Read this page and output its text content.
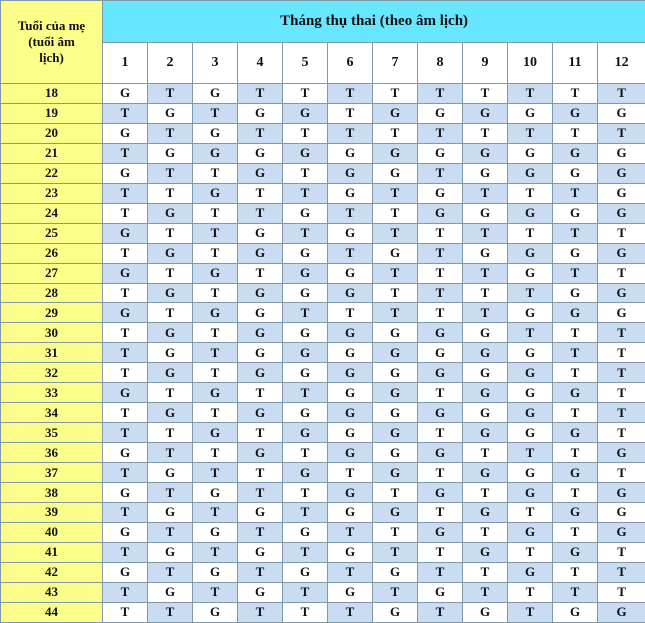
Tuổi của mẹ
(tuổi âm
lịch)	Tháng thụ thai (theo âm lịch)											
	1	2	3	4	5	6	7	8	9	10	11	12
18	G	T	G	T	T	T	T	T	T	T	T	T
19	T	G	T	G	G	T	G	G	G	G	G	G
20	G	T	G	T	T	T	T	T	T	T	T	T
21	T	G	G	G	G	G	G	G	G	G	G	G
22	G	T	T	G	T	G	G	T	G	G	G	G
23	T	T	G	T	T	G	T	G	T	T	T	G
24	T	G	T	T	G	T	T	G	G	G	G	G
25	G	T	T	G	T	G	T	T	T	T	T	T
26	T	G	T	G	G	T	G	T	G	G	G	G
27	G	T	G	T	G	G	T	T	T	G	T	T
28	T	G	T	G	G	G	T	T	T	T	G	G
29	G	T	G	G	T	T	T	T	T	G	G	G
30	T	G	T	G	G	G	G	G	G	T	T	T
31	T	G	T	G	G	G	G	G	G	G	T	T
32	T	G	T	G	G	G	G	G	G	G	T	T
33	G	T	G	T	T	G	G	T	G	G	G	T
34	T	G	T	G	G	G	G	G	G	G	T	T
35	T	T	G	T	G	G	G	T	G	G	G	T
36	G	T	T	G	T	G	G	G	T	T	T	G
37	T	G	T	T	G	T	G	T	G	G	G	T
38	G	T	G	T	T	G	T	G	T	G	T	G
39	T	G	T	G	T	G	G	T	G	T	G	G
40	G	T	G	T	G	T	T	G	T	G	T	G
41	T	G	T	G	T	G	T	T	G	T	G	T
42	G	T	G	T	G	T	G	T	T	G	T	T
43	T	G	T	G	T	G	T	G	T	T	T	T
44	T	T	G	T	T	T	G	T	G	T	G	G
